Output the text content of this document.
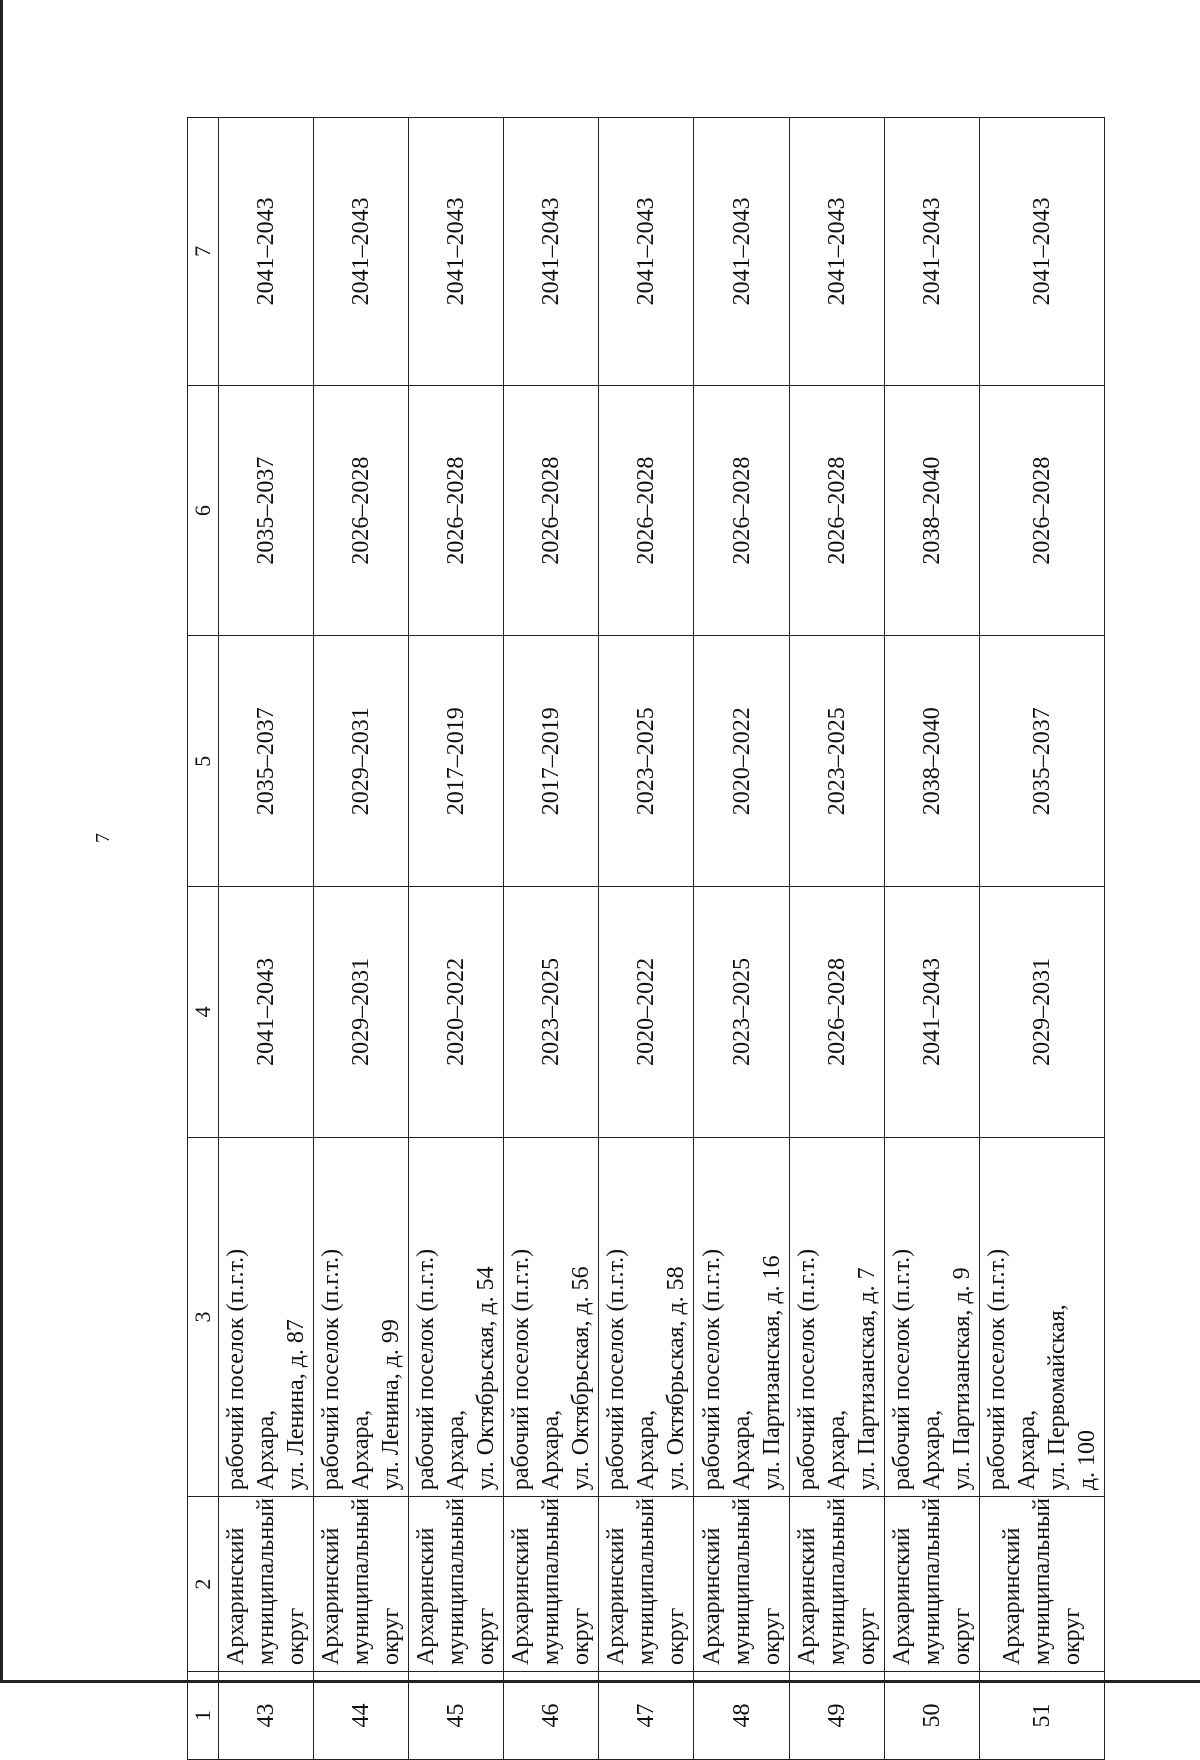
7
1	2	3	4	5	6	7
43	Архаринский муниципальный округ	рабочий поселок (п.г.т.) Архара, ул. Ленина, д. 87	2041–2043	2035–2037	2035–2037	2041–2043
44	Архаринский муниципальный округ	рабочий поселок (п.г.т.) Архара, ул. Ленина, д. 99	2029–2031	2029–2031	2026–2028	2041–2043
45	Архаринский муниципальный округ	рабочий поселок (п.г.т.) Архара, ул. Октябрьская, д. 54	2020–2022	2017–2019	2026–2028	2041–2043
46	Архаринский муниципальный округ	рабочий поселок (п.г.т.) Архара, ул. Октябрьская, д. 56	2023–2025	2017–2019	2026–2028	2041–2043
47	Архаринский муниципальный округ	рабочий поселок (п.г.т.) Архара, ул. Октябрьская, д. 58	2020–2022	2023–2025	2026–2028	2041–2043
48	Архаринский муниципальный округ	рабочий поселок (п.г.т.) Архара, ул. Партизанская, д. 16	2023–2025	2020–2022	2026–2028	2041–2043
49	Архаринский муниципальный округ	рабочий поселок (п.г.т.) Архара, ул. Партизанская, д. 7	2026–2028	2023–2025	2026–2028	2041–2043
50	Архаринский муниципальный округ	рабочий поселок (п.г.т.) Архара, ул. Партизанская, д. 9	2041–2043	2038–2040	2038–2040	2041–2043
51	Архаринский муниципальный округ	рабочий поселок (п.г.т.) Архара, ул. Первомайская, д. 100	2029–2031	2035–2037	2026–2028	2041–2043
